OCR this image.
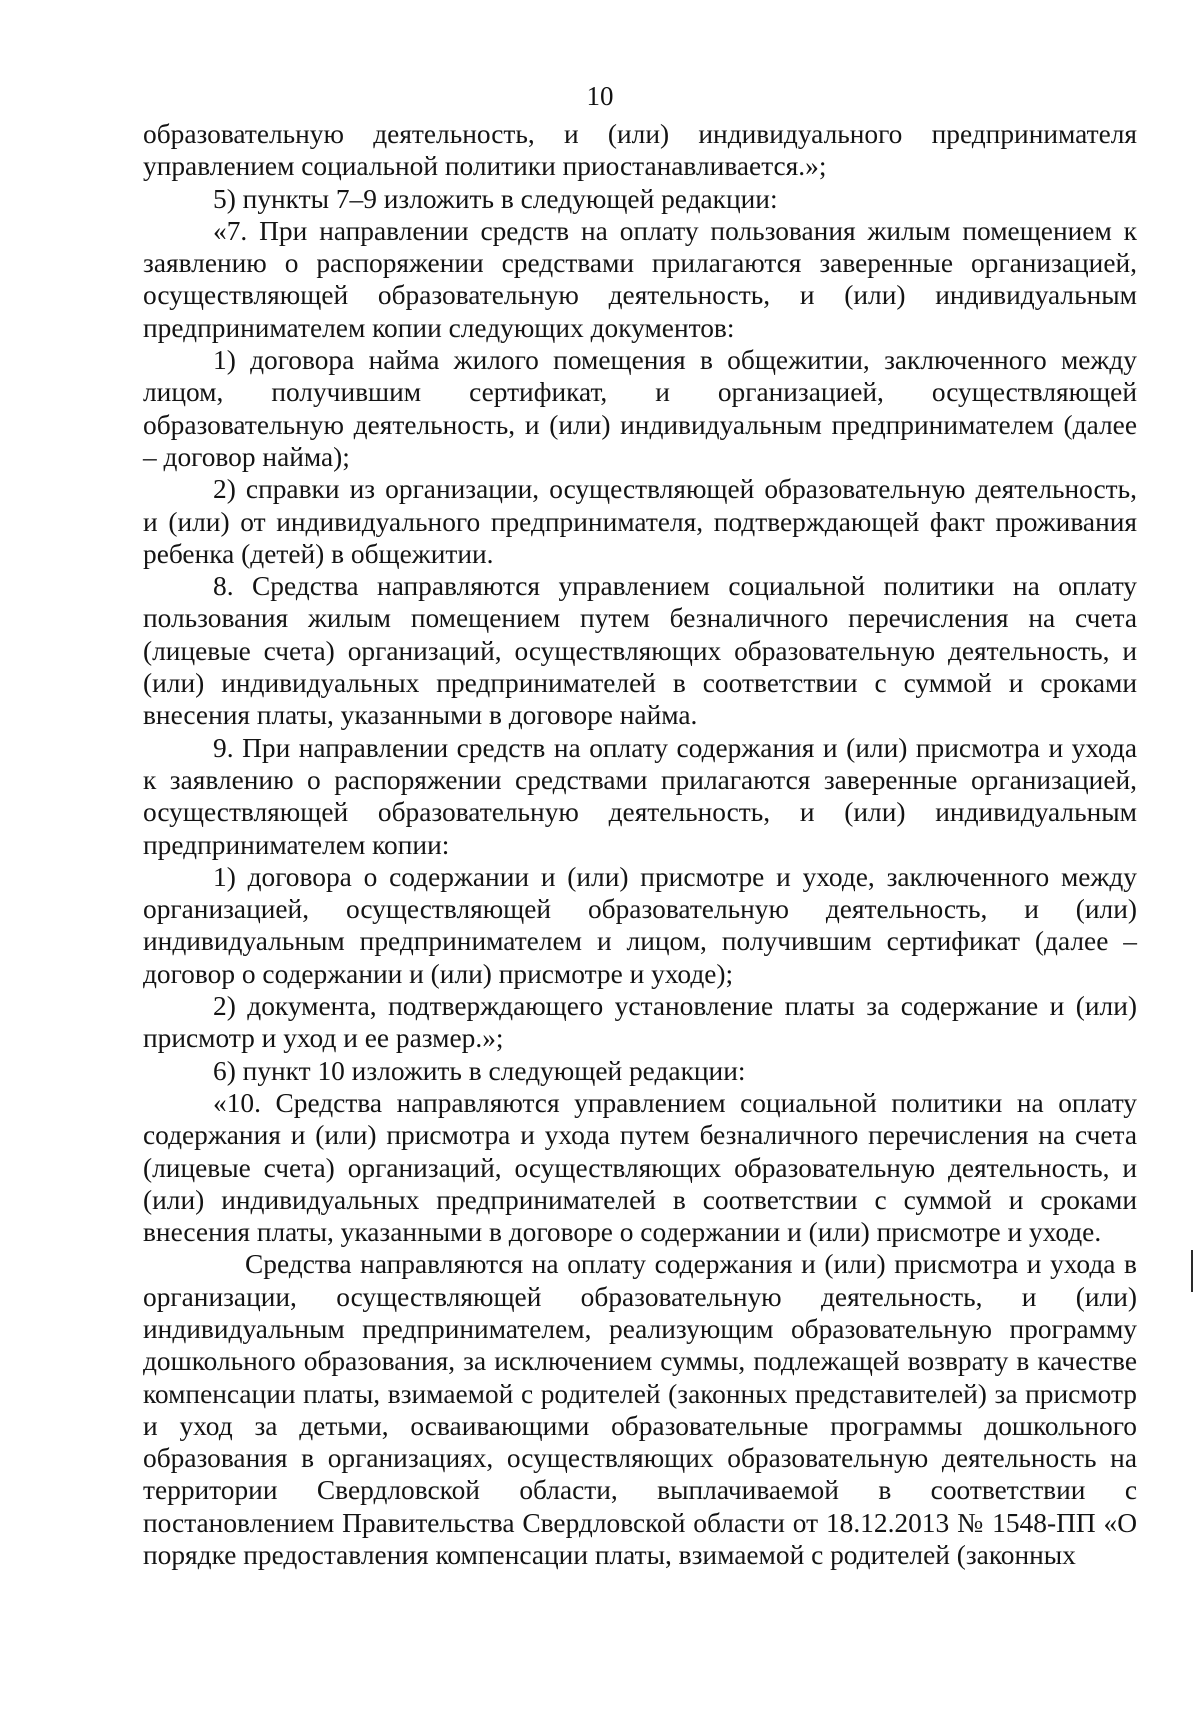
10

образовательную деятельность, и (или) индивидуального предпринимателя управлением социальной политики приостанавливается.»;

5) пункты 7–9 изложить в следующей редакции:

«7. При направлении средств на оплату пользования жилым помещением к заявлению о распоряжении средствами прилагаются заверенные организацией, осуществляющей образовательную деятельность, и (или) индивидуальным предпринимателем копии следующих документов:

1) договора найма жилого помещения в общежитии, заключенного между лицом, получившим сертификат, и организацией, осуществляющей образовательную деятельность, и (или) индивидуальным предпринимателем (далее – договор найма);

2) справки из организации, осуществляющей образовательную деятельность, и (или) от индивидуального предпринимателя, подтверждающей факт проживания ребенка (детей) в общежитии.

8. Средства направляются управлением социальной политики на оплату пользования жилым помещением путем безналичного перечисления на счета (лицевые счета) организаций, осуществляющих образовательную деятельность, и (или) индивидуальных предпринимателей в соответствии с суммой и сроками внесения платы, указанными в договоре найма.

9. При направлении средств на оплату содержания и (или) присмотра и ухода к заявлению о распоряжении средствами прилагаются заверенные организацией, осуществляющей образовательную деятельность, и (или) индивидуальным предпринимателем копии:

1) договора о содержании и (или) присмотре и уходе, заключенного между организацией, осуществляющей образовательную деятельность, и (или) индивидуальным предпринимателем и лицом, получившим сертификат (далее – договор о содержании и (или) присмотре и уходе);

2) документа, подтверждающего установление платы за содержание и (или) присмотр и уход и ее размер.»;

6) пункт 10 изложить в следующей редакции:

«10. Средства направляются управлением социальной политики на оплату содержания и (или) присмотра и ухода путем безналичного перечисления на счета (лицевые счета) организаций, осуществляющих образовательную деятельность, и (или) индивидуальных предпринимателей в соответствии с суммой и сроками внесения платы, указанными в договоре о содержании и (или) присмотре и уходе.

Средства направляются на оплату содержания и (или) присмотра и ухода в организации, осуществляющей образовательную деятельность, и (или) индивидуальным предпринимателем, реализующим образовательную программу дошкольного образования, за исключением суммы, подлежащей возврату в качестве компенсации платы, взимаемой с родителей (законных представителей) за присмотр и уход за детьми, осваивающими образовательные программы дошкольного образования в организациях, осуществляющих образовательную деятельность на территории Свердловской области, выплачиваемой в соответствии с постановлением Правительства Свердловской области от 18.12.2013 № 1548-ПП «О порядке предоставления компенсации платы, взимаемой с родителей (законных
